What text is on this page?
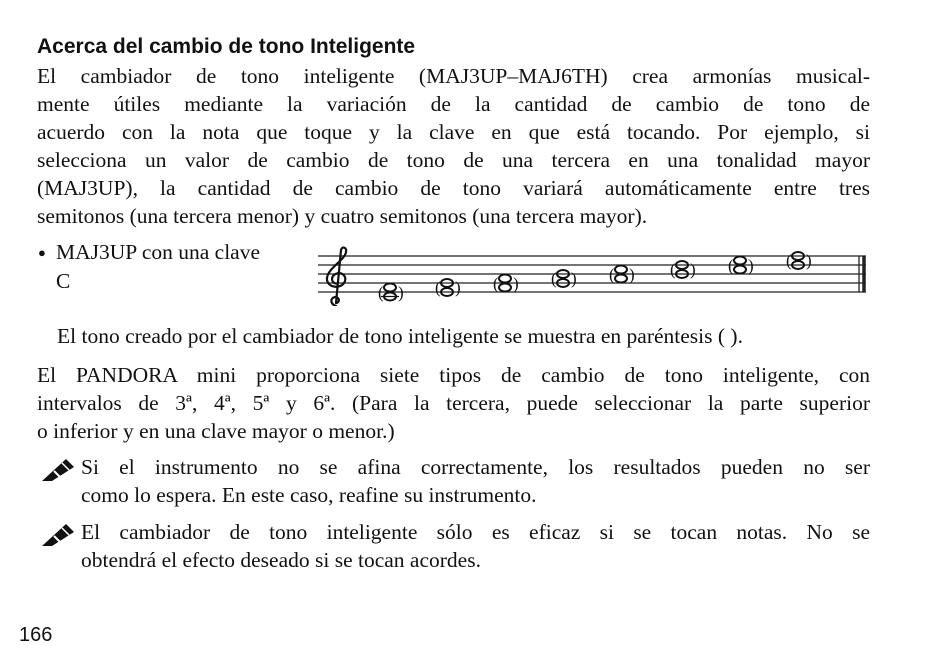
Acerca del cambio de tono Inteligente

El cambiador de tono inteligente (MAJ3UP–MAJ6TH) crea armonías musical-

mente útiles mediante la variación de la cantidad de cambio de tono de

acuerdo con la nota que toque y la clave en que está tocando. Por ejemplo, si

selecciona un valor de cambio de tono de una tercera en una tonalidad mayor

(MAJ3UP), la cantidad de cambio de tono variará automáticamente entre tres

semitonos (una tercera menor) y cuatro semitonos (una tercera mayor).

● MAJ3UP con una clave
C	( ) ( ) ( ) ( ) ( ) ( ) ( ) ( )
El tono creado por el cambiador de tono inteligente se muestra en paréntesis ( ).

El PANDORA mini proporciona siete tipos de cambio de tono inteligente, con

intervalos de 3ª, 4ª, 5ª y 6ª. (Para la tercera, puede seleccionar la parte superior

o inferior y en una clave mayor o menor.)

Si el instrumento no se afina correctamente, los resultados pueden no ser

como lo espera. En este caso, reafine su instrumento.

El cambiador de tono inteligente sólo es eficaz si se tocan notas. No se

obtendrá el efecto deseado si se tocan acordes.

166
